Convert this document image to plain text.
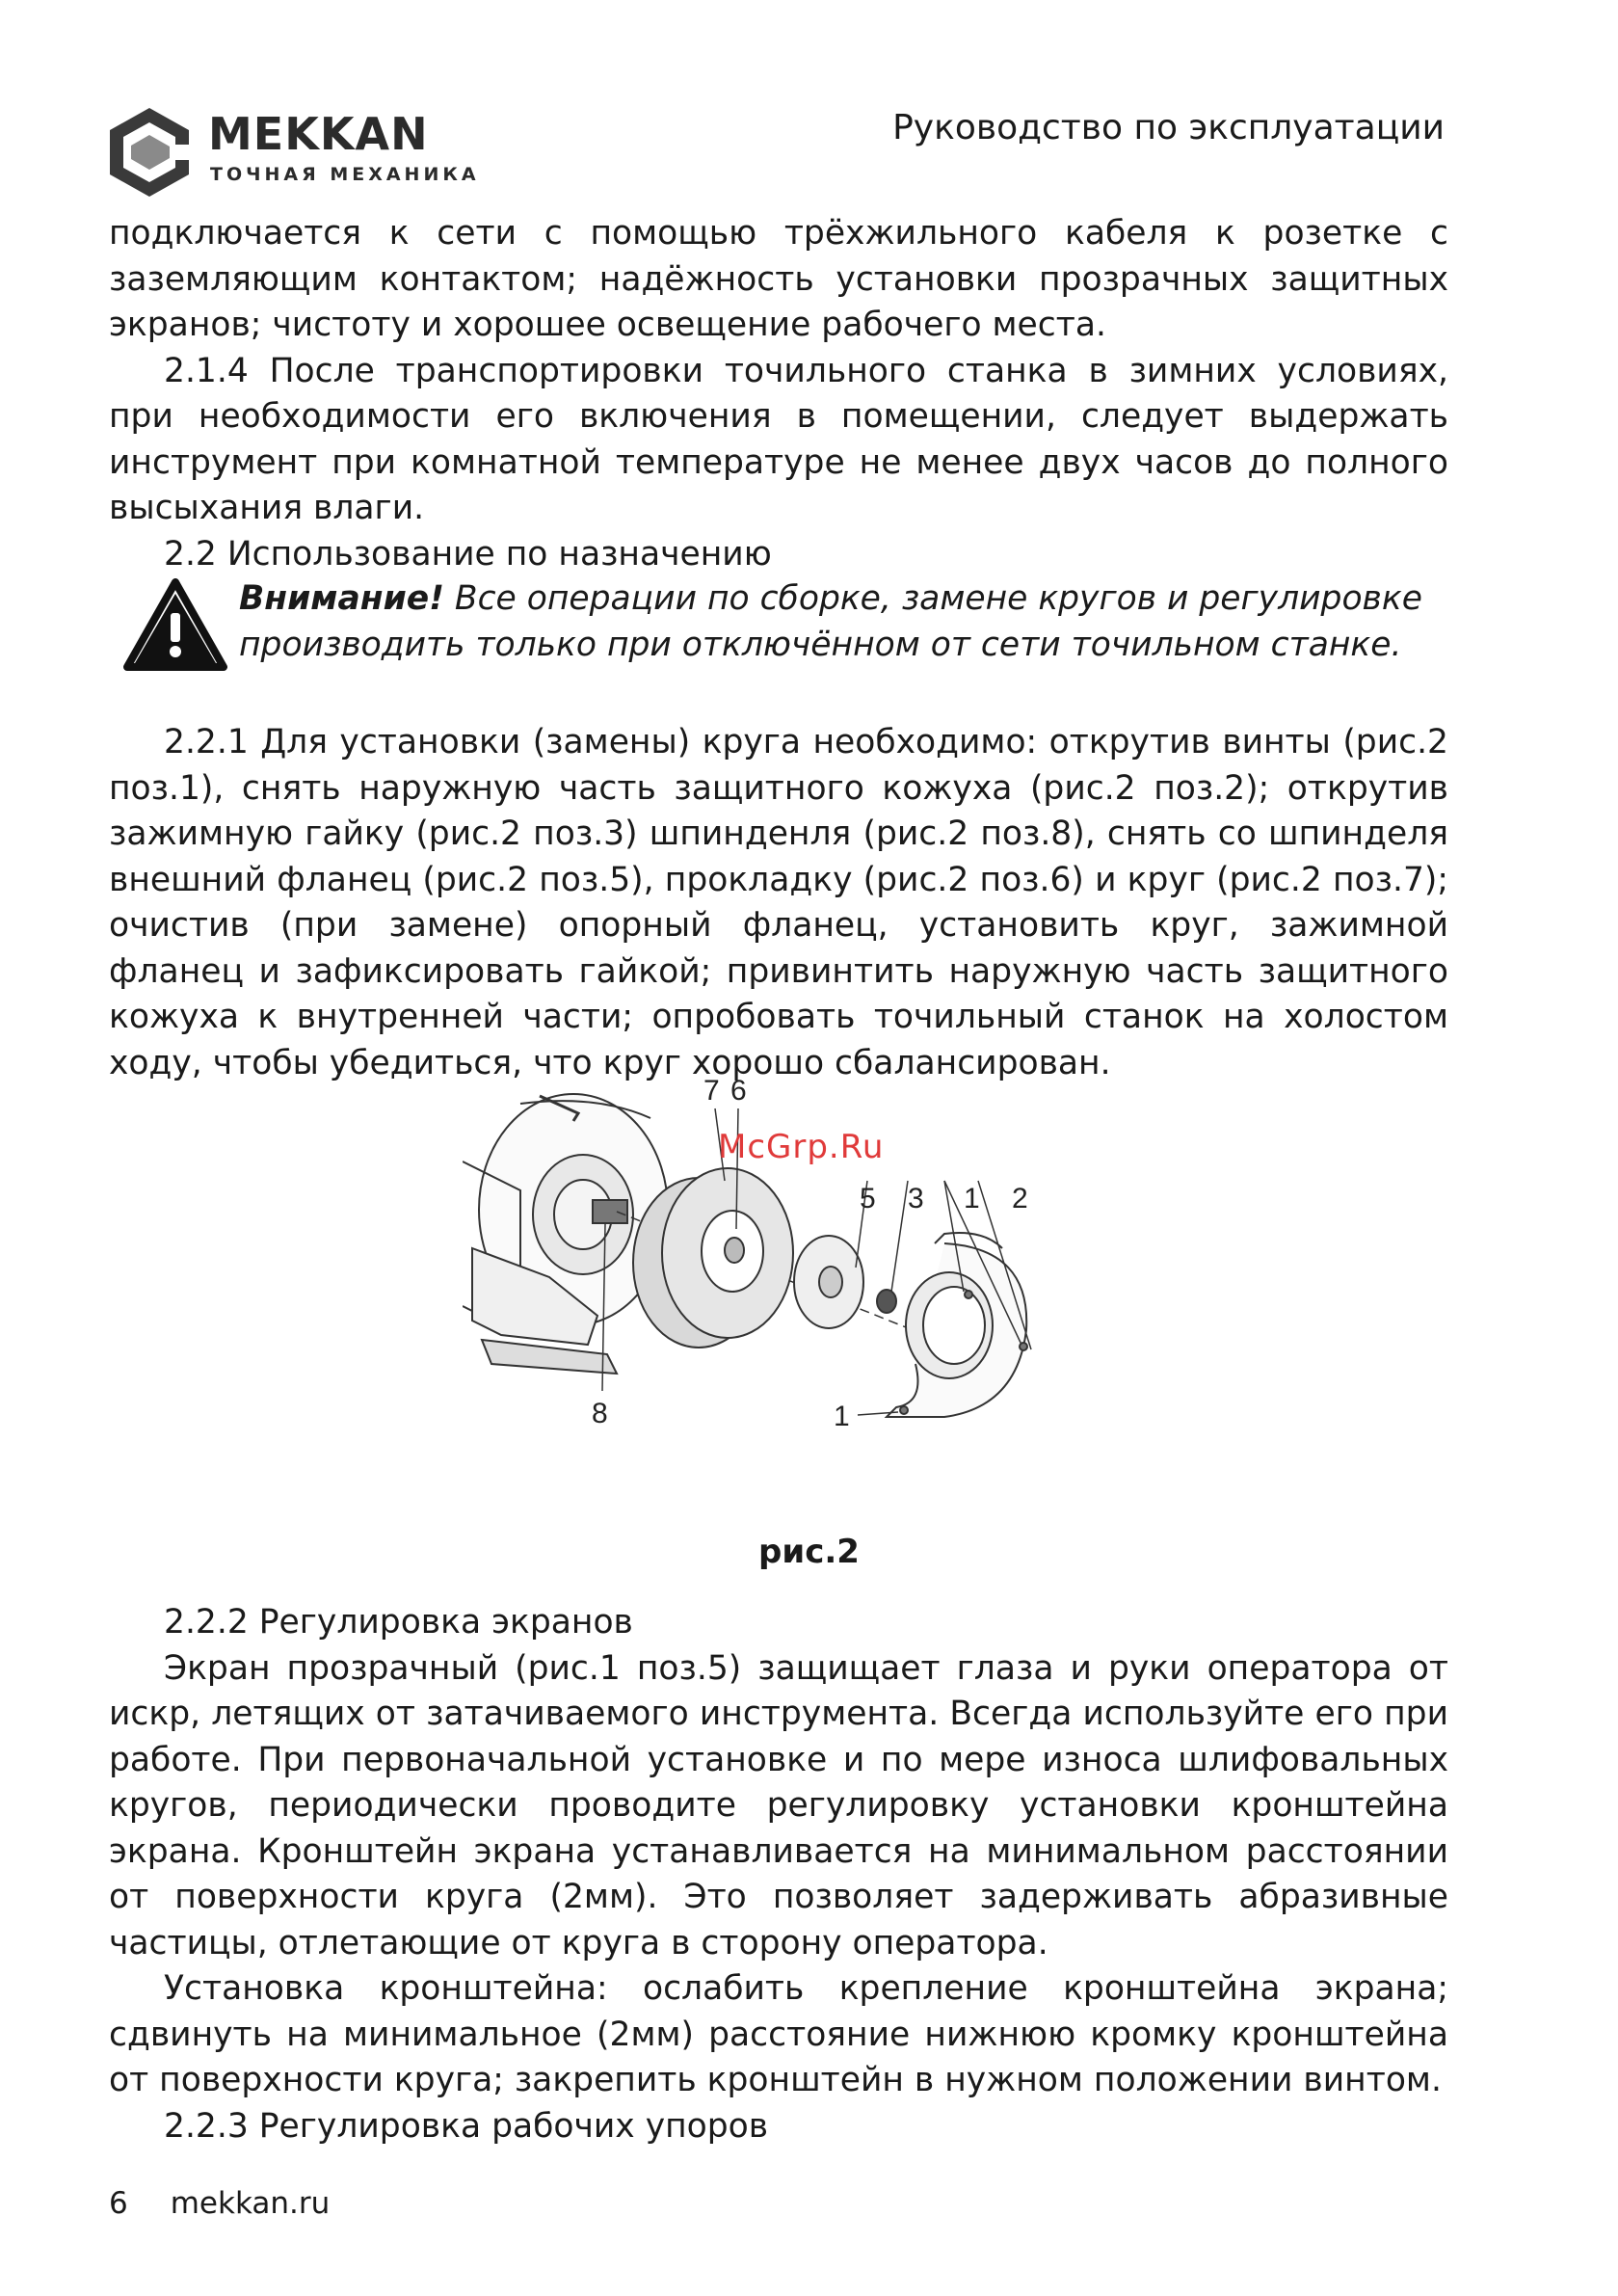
MEKKAN
ТОЧНАЯ МЕХАНИКА
Руководство по эксплуатации

подключается к сети с помощью трёхжильного кабеля к розетке с заземляющим контактом; надёжность установки прозрачных защитных экранов; чистоту и хорошее освещение рабочего места.

2.1.4 После транспортировки точильного станка в зимних условиях, при необходимости его включения в помещении, следует выдержать инструмент при комнатной температуре не менее двух часов до полного высыхания влаги.

2.2 Использование по назначению

Внимание! Все операции по сборке, замене кругов и регулировке производить только при отключённом от сети точильном станке.

2.2.1 Для установки (замены) круга необходимо: открутив винты (рис.2 поз.1), снять наружную часть защитного кожуха (рис.2 поз.2); открутив зажимную гайку (рис.2 поз.3) шпинденля (рис.2 поз.8), снять со шпинделя внешний фланец (рис.2 поз.5), прокладку (рис.2 поз.6) и круг (рис.2 поз.7); очистив (при замене) опорный фланец, установить круг, зажимной фланец и зафиксировать гайкой; привинтить наружную часть защитного кожуха к внутренней части; опробовать точильный станок на холостом ходу, чтобы убедиться, что круг хорошо сбалансирован.

7 6
5 3 1 2
8	1
McGrp.Ru
рис.2

2.2.2 Регулировка экранов

Экран прозрачный (рис.1 поз.5) защищает глаза и руки оператора от искр, летящих от затачиваемого инструмента. Всегда используйте его при работе. При первоначальной установке и по мере износа шлифовальных кругов, периодически проводите регулировку установки кронштейна экрана. Кронштейн экрана устанавливается на минимальном расстоянии от поверхности круга (2мм). Это позволяет задерживать абразивные частицы, отлетающие от круга в сторону оператора.

Установка кронштейна: ослабить крепление кронштейна экрана; сдвинуть на минимальное (2мм) расстояние нижнюю кромку кронштейна от поверхности круга; закрепить кронштейн в нужном положении винтом.

2.2.3 Регулировка рабочих упоров

6 mekkan.ru
